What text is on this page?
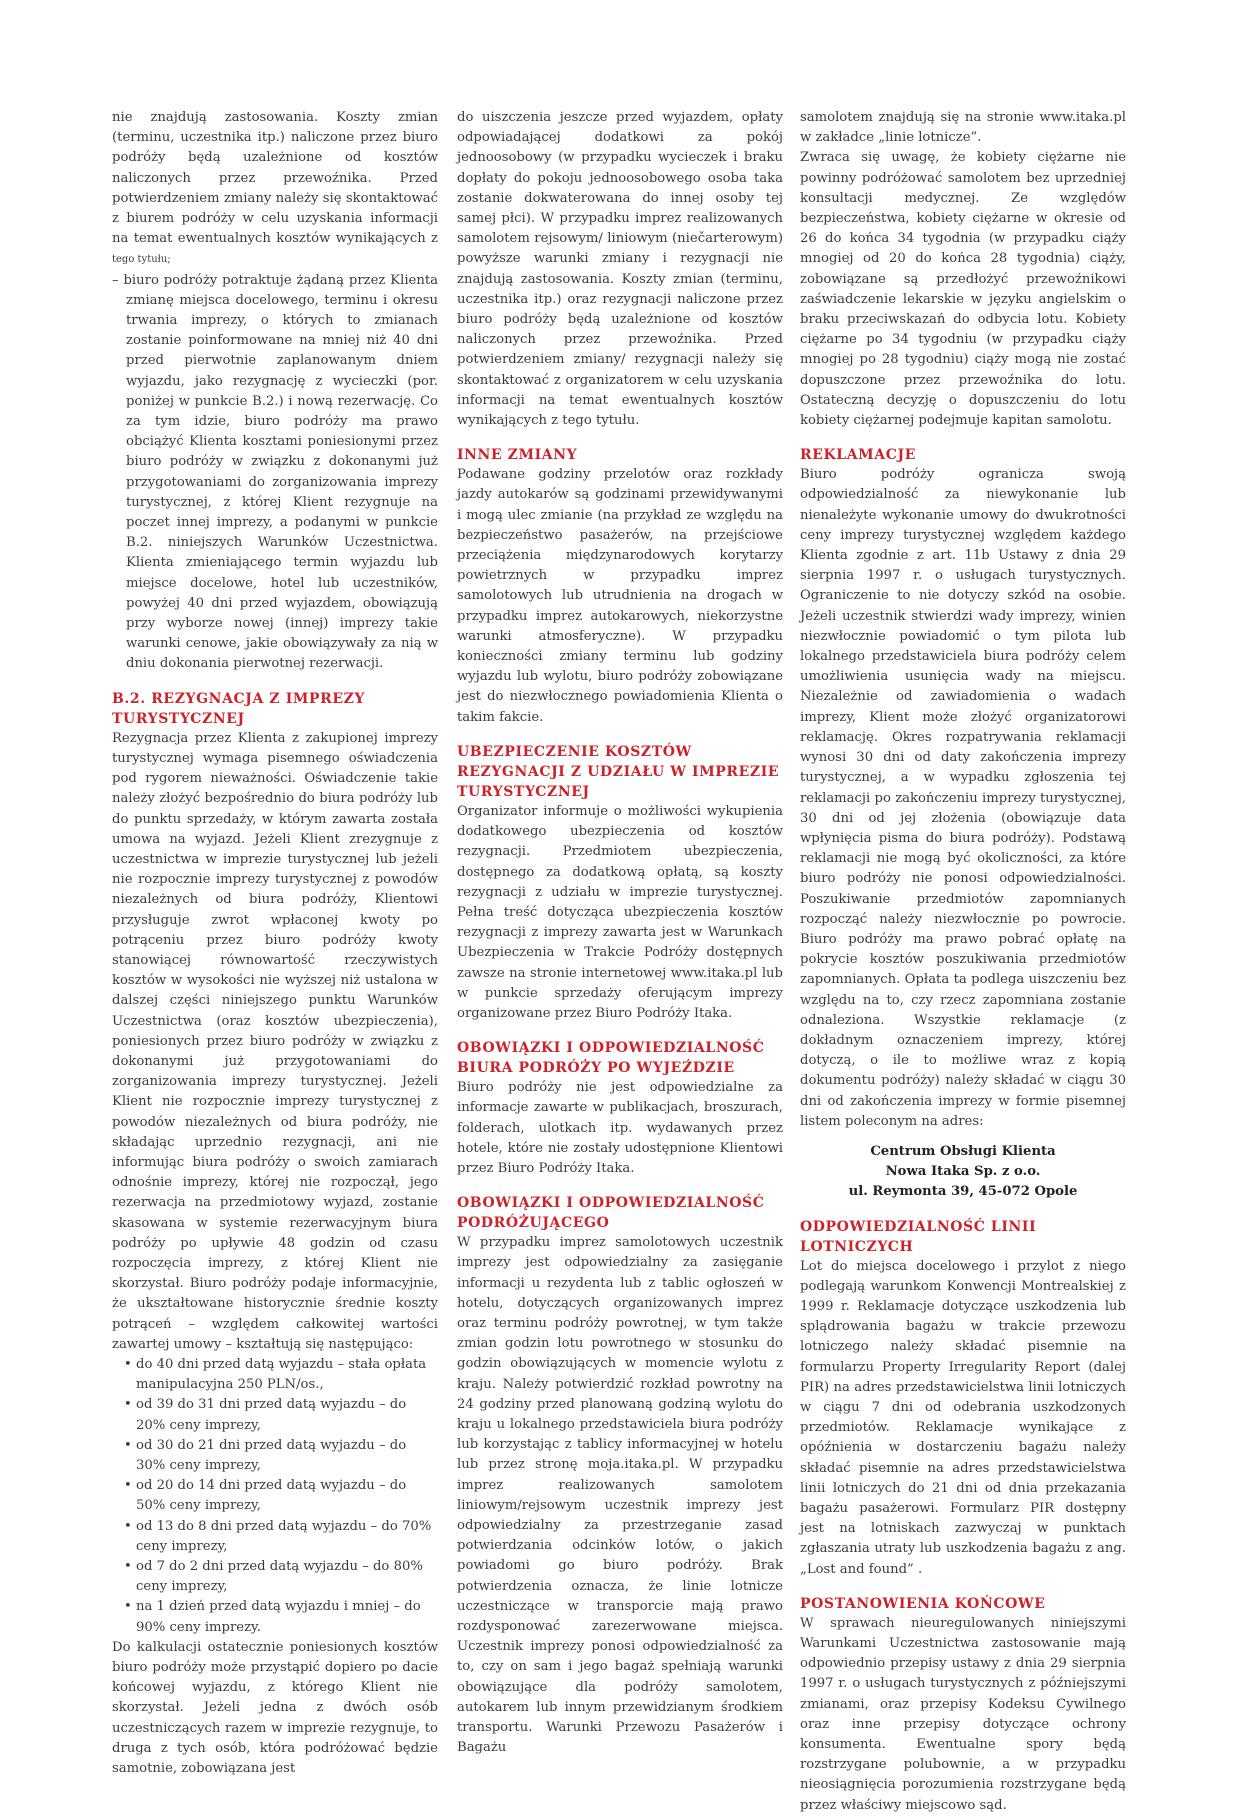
nie znajdują zastosowania. Koszty zmian (terminu, uczestnika itp.) naliczone przez biuro podróży będą uzależnione od kosztów naliczonych przez przewoźnika. Przed potwierdzeniem zmiany należy się skontaktować z biurem podróży w celu uzyskania informacji na temat ewentualnych kosztów wynikających z tego tytułu;

– biuro podróży potraktuje żądaną przez Klienta zmianę miejsca docelowego, terminu i okresu trwania imprezy, o których to zmianach zostanie poinformowane na mniej niż 40 dni przed pierwotnie zaplanowanym dniem wyjazdu, jako rezygnację z wycieczki (por. poniżej w punkcie B.2.) i nową rezerwację. Co za tym idzie, biuro podróży ma prawo obciążyć Klienta kosztami poniesionymi przez biuro podróży w związku z dokonanymi już przygotowaniami do zorganizowania imprezy turystycznej, z której Klient rezygnuje na poczet innej imprezy, a podanymi w punkcie B.2. niniejszych Warunków Uczestnictwa. Klienta zmieniającego termin wyjazdu lub miejsce docelowe, hotel lub uczestników, powyżej 40 dni przed wyjazdem, obowiązują przy wyborze nowej (innej) imprezy takie warunki cenowe, jakie obowiązywały za nią w dniu dokonania pierwotnej rezerwacji.

B.2. REZYGNACJA Z IMPREZY TURYSTYCZNEJ

Rezygnacja przez Klienta z zakupionej imprezy turystycznej wymaga pisemnego oświadczenia pod rygorem nieważności. Oświadczenie takie należy złożyć bezpośrednio do biura podróży lub do punktu sprzedaży, w którym zawarta została umowa na wyjazd. Jeżeli Klient zrezygnuje z uczestnictwa w imprezie turystycznej lub jeżeli nie rozpocznie imprezy turystycznej z powodów niezależnych od biura podróży, Klientowi przysługuje zwrot wpłaconej kwoty po potrąceniu przez biuro podróży kwoty stanowiącej równowartość rzeczywistych kosztów w wysokości nie wyższej niż ustalona w dalszej części niniejszego punktu Warunków Uczestnictwa (oraz kosztów ubezpieczenia), poniesionych przez biuro podróży w związku z dokonanymi już przygotowaniami do zorganizowania imprezy turystycznej. Jeżeli Klient nie rozpocznie imprezy turystycznej z powodów niezależnych od biura podróży, nie składając uprzednio rezygnacji, ani nie informując biura podróży o swoich zamiarach odnośnie imprezy, której nie rozpoczął, jego rezerwacja na przedmiotowy wyjazd, zostanie skasowana w systemie rezerwacyjnym biura podróży po upływie 48 godzin od czasu rozpoczęcia imprezy, z której Klient nie skorzystał. Biuro podróży podaje informacyjnie, że ukształtowane historycznie średnie koszty potrąceń – względem całkowitej wartości zawartej umowy – kształtują się następująco:

• do 40 dni przed datą wyjazdu – stała opłata manipulacyjna 250 PLN/os.,
• od 39 do 31 dni przed datą wyjazdu – do 20% ceny imprezy,
• od 30 do 21 dni przed datą wyjazdu – do 30% ceny imprezy,
• od 20 do 14 dni przed datą wyjazdu – do 50% ceny imprezy,
• od 13 do 8 dni przed datą wyjazdu – do 70% ceny imprezy,
• od 7 do 2 dni przed datą wyjazdu – do 80% ceny imprezy,
• na 1 dzień przed datą wyjazdu i mniej – do 90% ceny imprezy.

Do kalkulacji ostatecznie poniesionych kosztów biuro podróży może przystąpić dopiero po dacie końcowej wyjazdu, z którego Klient nie skorzystał. Jeżeli jedna z dwóch osób uczestniczących razem w imprezie rezygnuje, to druga z tych osób, która podróżować będzie samotnie, zobowiązana jest

do uiszczenia jeszcze przed wyjazdem, opłaty odpowiadającej dodatkowi za pokój jednoosobowy (w przypadku wycieczek i braku dopłaty do pokoju jednoosobowego osoba taka zostanie dokwaterowana do innej osoby tej samej płci). W przypadku imprez realizowanych samolotem rejsowym/ liniowym (niečarterowym) powyższe warunki zmiany i rezygnacji nie znajdują zastosowania. Koszty zmian (terminu, uczestnika itp.) oraz rezygnacji naliczone przez biuro podróży będą uzależnione od kosztów naliczonych przez przewoźnika. Przed potwierdzeniem zmiany/ rezygnacji należy się skontaktować z organizatorem w celu uzyskania informacji na temat ewentualnych kosztów wynikających z tego tytułu.

INNE ZMIANY

Podawane godziny przelotów oraz rozkłady jazdy autokarów są godzinami przewidywanymi i mogą ulec zmianie (na przykład ze względu na bezpieczeństwo pasażerów, na przejściowe przeciążenia międzynarodowych korytarzy powietrznych w przypadku imprez samolotowych lub utrudnienia na drogach w przypadku imprez autokarowych, niekorzystne warunki atmosferyczne). W przypadku konieczności zmiany terminu lub godziny wyjazdu lub wylotu, biuro podróży zobowiązane jest do niezwłocznego powiadomienia Klienta o takim fakcie.

UBEZPIECZENIE KOSZTÓW REZYGNACJI Z UDZIAŁU W IMPREZIE TURYSTYCZNEJ

Organizator informuje o możliwości wykupienia dodatkowego ubezpieczenia od kosztów rezygnacji. Przedmiotem ubezpieczenia, dostępnego za dodatkową opłatą, są koszty rezygnacji z udziału w imprezie turystycznej. Pełna treść dotycząca ubezpieczenia kosztów rezygnacji z imprezy zawarta jest w Warunkach Ubezpieczenia w Trakcie Podróży dostępnych zawsze na stronie internetowej www.itaka.pl lub w punkcie sprzedaży oferującym imprezy organizowane przez Biuro Podróży Itaka.

OBOWIĄZKI I ODPOWIEDZIALNOŚĆ BIURA PODRÓŻY PO WYJEŹDZIE

Biuro podróży nie jest odpowiedzialne za informacje zawarte w publikacjach, broszurach, folderach, ulotkach itp. wydawanych przez hotele, które nie zostały udostępnione Klientowi przez Biuro Podróży Itaka.

OBOWIĄZKI I ODPOWIEDZIALNOŚĆ PODRÓŻUJĄCEGO

W przypadku imprez samolotowych uczestnik imprezy jest odpowiedzialny za zasięganie informacji u rezydenta lub z tablic ogłoszeń w hotelu, dotyczących organizowanych imprez oraz terminu podróży powrotnej, w tym także zmian godzin lotu powrotnego w stosunku do godzin obowiązujących w momencie wylotu z kraju. Należy potwierdzić rozkład powrotny na 24 godziny przed planowaną godziną wylotu do kraju u lokalnego przedstawiciela biura podróży lub korzystając z tablicy informacyjnej w hotelu lub przez stronę moja.itaka.pl. W przypadku imprez realizowanych samolotem liniowym/rejsowym uczestnik imprezy jest odpowiedzialny za przestrzeganie zasad potwierdzania odcinków lotów, o jakich powiadomi go biuro podróży. Brak potwierdzenia oznacza, że linie lotnicze uczestniczące w transporcie mają prawo rozdysponować zarezerwowane miejsca. Uczestnik imprezy ponosi odpowiedzialność za to, czy on sam i jego bagaż spełniają warunki obowiązujące dla podróży samolotem, autokarem lub innym przewidzianym środkiem transportu. Warunki Przewozu Pasażerów i Bagażu

samolotem znajdują się na stronie www.itaka.pl w zakładce „linie lotnicze”.

Zwraca się uwagę, że kobiety ciężarne nie powinny podróżować samolotem bez uprzedniej konsultacji medycznej. Ze względów bezpieczeństwa, kobiety ciężarne w okresie od 26 do końca 34 tygodnia (w przypadku ciąży mnogiej od 20 do końca 28 tygodnia) ciąży, zobowiązane są przedłożyć przewoźnikowi zaświadczenie lekarskie w języku angielskim o braku przeciwskazań do odbycia lotu. Kobiety ciężarne po 34 tygodniu (w przypadku ciąży mnogiej po 28 tygodniu) ciąży mogą nie zostać dopuszczone przez przewoźnika do lotu. Ostateczną decyzję o dopuszczeniu do lotu kobiety ciężarnej podejmuje kapitan samolotu.

REKLAMACJE

Biuro podróży ogranicza swoją odpowiedzialność za niewykonanie lub nienależyte wykonanie umowy do dwukrotności ceny imprezy turystycznej względem każdego Klienta zgodnie z art. 11b Ustawy z dnia 29 sierpnia 1997 r. o usługach turystycznych. Ograniczenie to nie dotyczy szkód na osobie. Jeżeli uczestnik stwierdzi wady imprezy, winien niezwłocznie powiadomić o tym pilota lub lokalnego przedstawiciela biura podróży celem umożliwienia usunięcia wady na miejscu. Niezależnie od zawiadomienia o wadach imprezy, Klient może złożyć organizatorowi reklamację. Okres rozpatrywania reklamacji wynosi 30 dni od daty zakończenia imprezy turystycznej, a w wypadku zgłoszenia tej reklamacji po zakończeniu imprezy turystycznej, 30 dni od jej złożenia (obowiązuje data wpłynięcia pisma do biura podróży). Podstawą reklamacji nie mogą być okoliczności, za które biuro podróży nie ponosi odpowiedzialności. Poszukiwanie przedmiotów zapomnianych rozpocząć należy niezwłocznie po powrocie. Biuro podróży ma prawo pobrać opłatę na pokrycie kosztów poszukiwania przedmiotów zapomnianych. Opłata ta podlega uiszczeniu bez względu na to, czy rzecz zapomniana zostanie odnaleziona. Wszystkie reklamacje (z dokładnym oznaczeniem imprezy, której dotyczą, o ile to możliwe wraz z kopią dokumentu podróży) należy składać w ciągu 30 dni od zakończenia imprezy w formie pisemnej listem poleconym na adres:

Centrum Obsługi Klienta
Nowa Itaka Sp. z o.o.
ul. Reymonta 39, 45-072 Opole
ODPOWIEDZIALNOŚĆ LINII LOTNICZYCH

Lot do miejsca docelowego i przylot z niego podlegają warunkom Konwencji Montrealskiej z 1999 r. Reklamacje dotyczące uszkodzenia lub splądrowania bagażu w trakcie przewozu lotniczego należy składać pisemnie na formularzu Property Irregularity Report (dalej PIR) na adres przedstawicielstwa linii lotniczych w ciągu 7 dni od odebrania uszkodzonych przedmiotów. Reklamacje wynikające z opóźnienia w dostarczeniu bagażu należy składać pisemnie na adres przedstawicielstwa linii lotniczych do 21 dni od dnia przekazania bagażu pasażerowi. Formularz PIR dostępny jest na lotniskach zazwyczaj w punktach zgłaszania utraty lub uszkodzenia bagażu z ang. „Lost and found” .

POSTANOWIENIA KOŃCOWE

W sprawach nieuregulowanych niniejszymi Warunkami Uczestnictwa zastosowanie mają odpowiednio przepisy ustawy z dnia 29 sierpnia 1997 r. o usługach turystycznych z późniejszymi zmianami, oraz przepisy Kodeksu Cywilnego oraz inne przepisy dotyczące ochrony konsumenta. Ewentualne spory będą rozstrzygane polubownie, a w przypadku nieosiągnięcia porozumienia rozstrzygane będą przez właściwy miejscowo sąd.
